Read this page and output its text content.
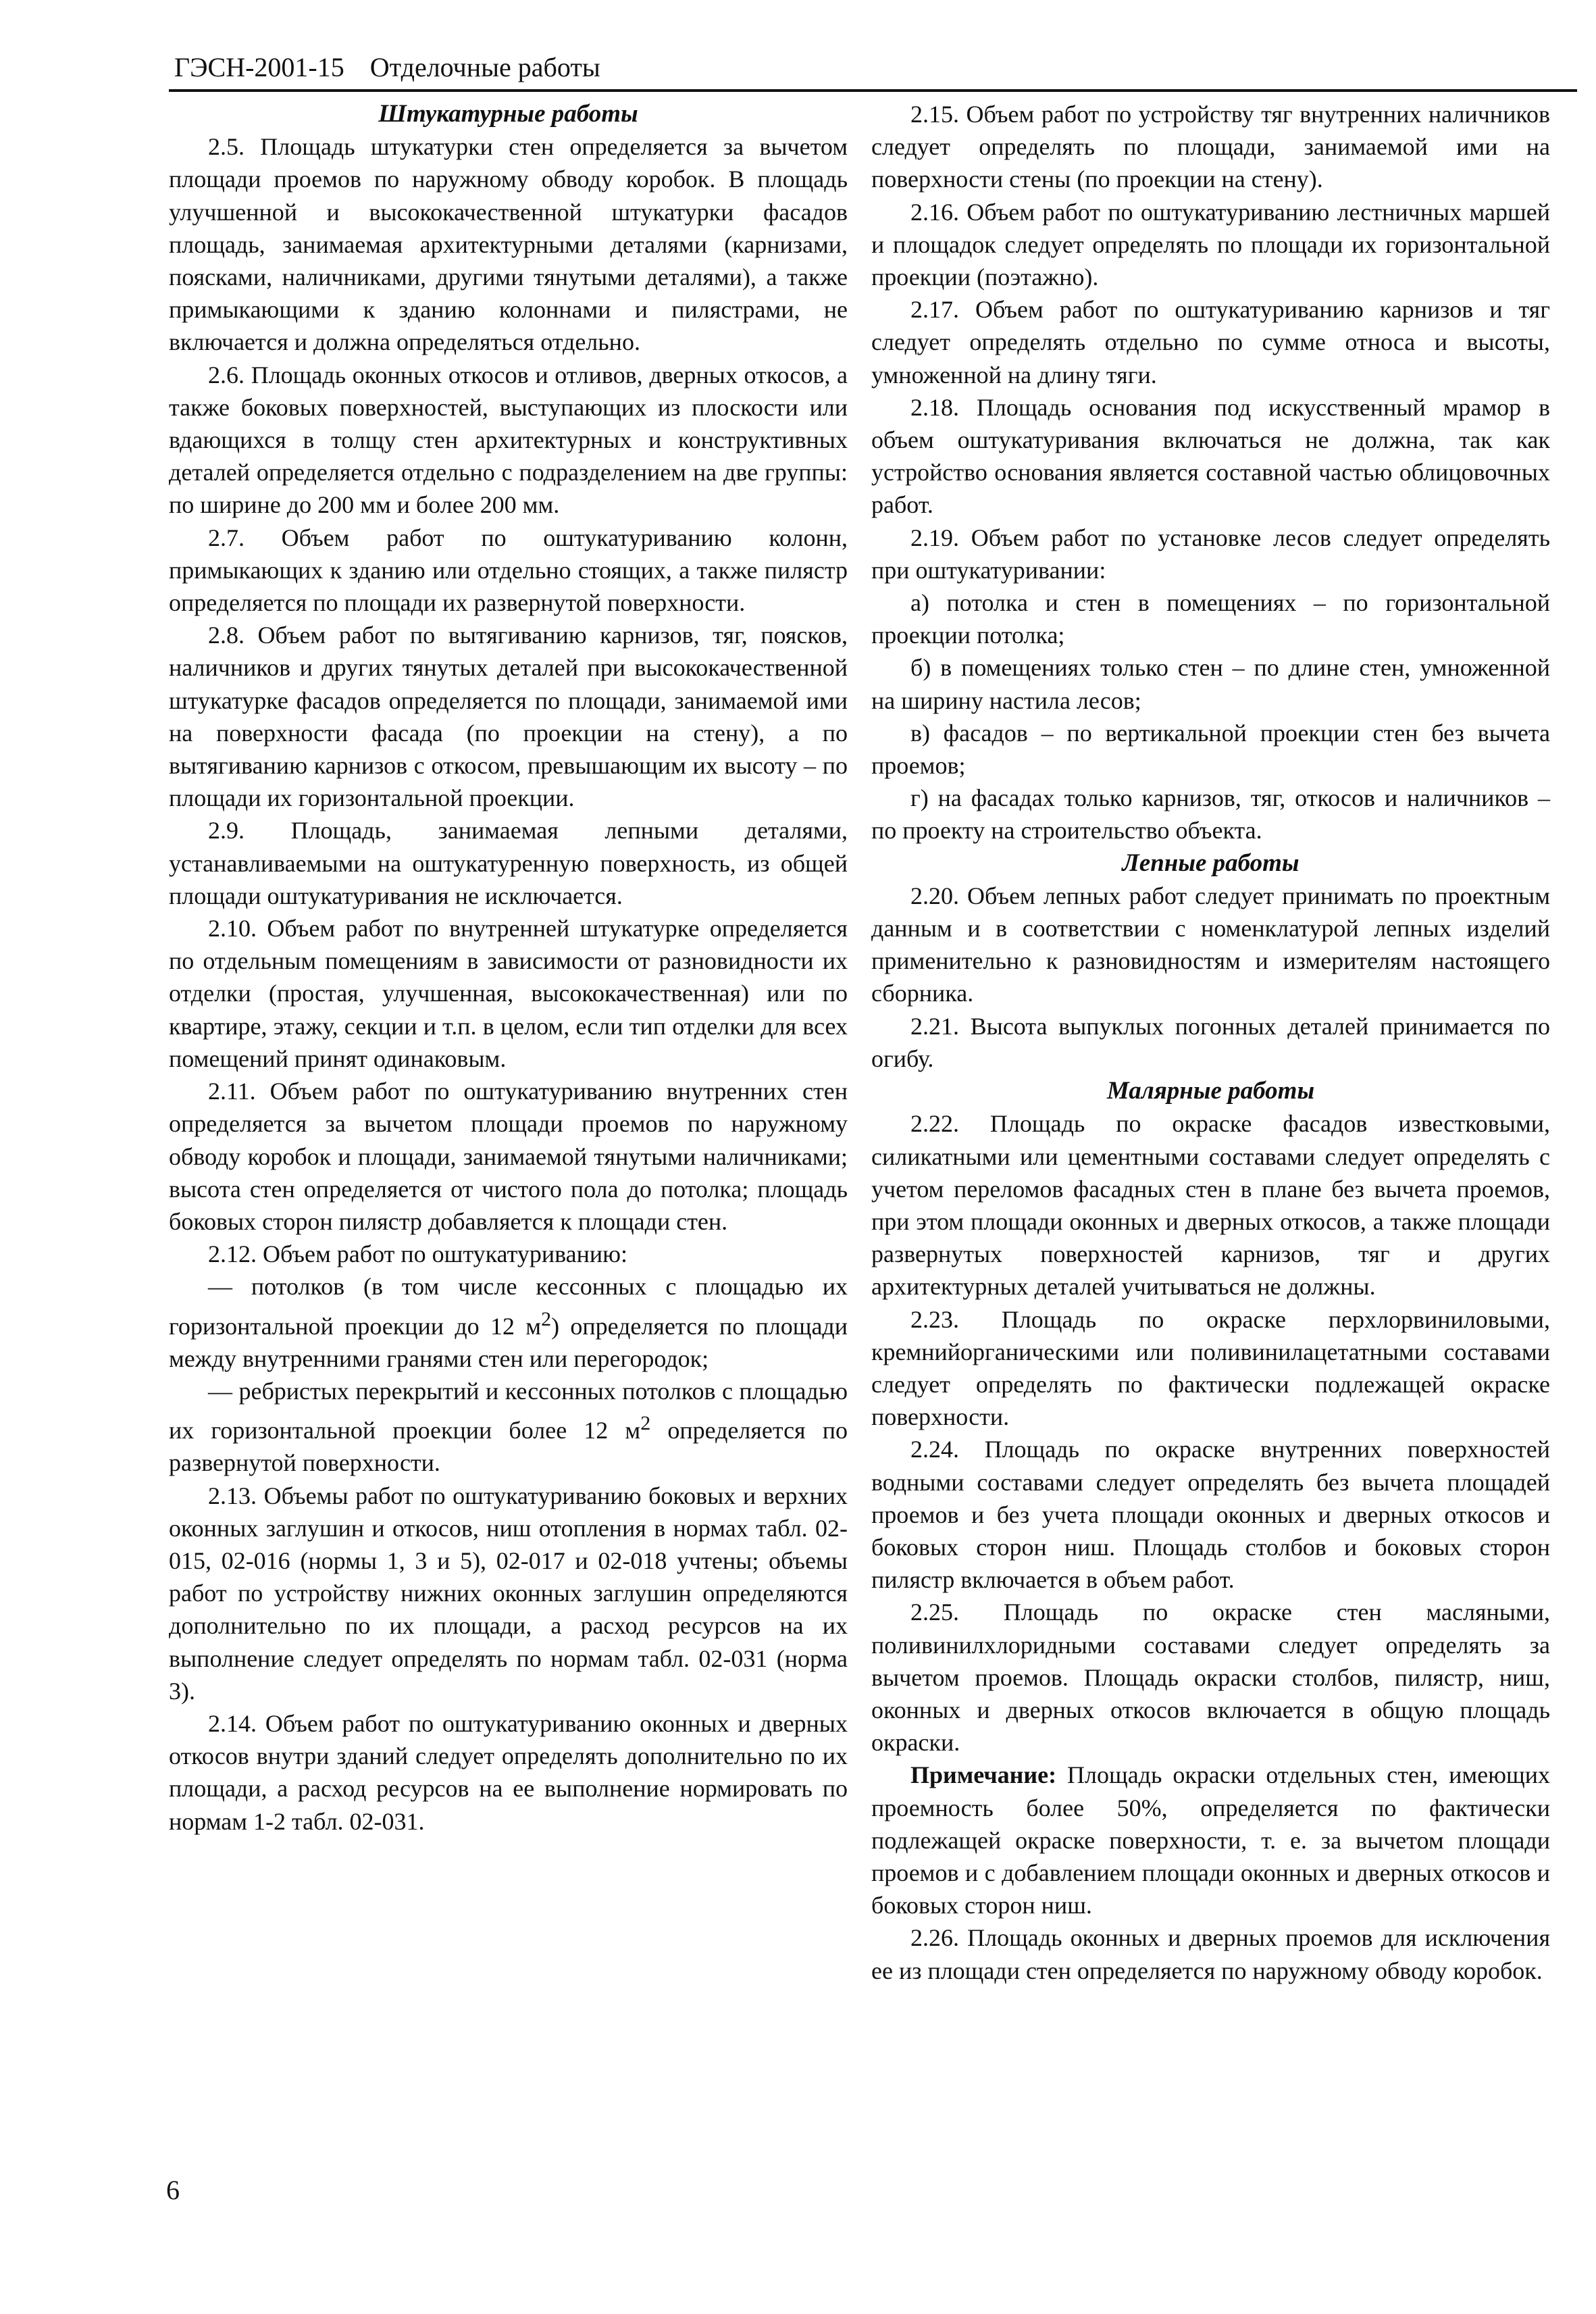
ГЭСН-2001-15 Отделочные работы
Штукатурные работы

2.5. Площадь штукатурки стен определяется за вычетом площади проемов по наружному обводу коробок. В площадь улучшенной и высококачественной штукатурки фасадов площадь, занимаемая архитектурными деталями (карнизами, поясками, наличниками, другими тянутыми деталями), а также примыкающими к зданию колоннами и пилястрами, не включается и должна определяться отдельно.

2.6. Площадь оконных откосов и отливов, дверных откосов, а также боковых поверхностей, выступающих из плоскости или вдающихся в толщу стен архитектурных и конструктивных деталей определяется отдельно с подразделением на две группы: по ширине до 200 мм и более 200 мм.

2.7. Объем работ по оштукатуриванию колонн, примыкающих к зданию или отдельно стоящих, а также пилястр определяется по площади их развернутой поверхности.

2.8. Объем работ по вытягиванию карнизов, тяг, поясков, наличников и других тянутых деталей при высококачественной штукатурке фасадов определяется по площади, занимаемой ими на поверхности фасада (по проекции на стену), а по вытягиванию карнизов с откосом, превышающим их высоту – по площади их горизонтальной проекции.

2.9. Площадь, занимаемая лепными деталями, устанавливаемыми на оштукатуренную поверхность, из общей площади оштукатуривания не исключается.

2.10. Объем работ по внутренней штукатурке определяется по отдельным помещениям в зависимости от разновидности их отделки (простая, улучшенная, высококачественная) или по квартире, этажу, секции и т.п. в целом, если тип отделки для всех помещений принят одинаковым.

2.11. Объем работ по оштукатуриванию внутренних стен определяется за вычетом площади проемов по наружному обводу коробок и площади, занимаемой тянутыми наличниками; высота стен определяется от чистого пола до потолка; площадь боковых сторон пилястр добавляется к площади стен.

2.12. Объем работ по оштукатуриванию:

— потолков (в том числе кессонных с площадью их горизонтальной проекции до 12 $м^2$) определяется по площади между внутренними гранями стен или перегородок;

— ребристых перекрытий и кессонных потолков с площадью их горизонтальной проекции более 12 $м^2$ определяется по развернутой поверхности.

2.13. Объемы работ по оштукатуриванию боковых и верхних оконных заглушин и откосов, ниш отопления в нормах табл. 02-015, 02-016 (нормы 1, 3 и 5), 02-017 и 02-018 учтены; объемы работ по устройству нижних оконных заглушин определяются дополнительно по их площади, а расход ресурсов на их выполнение следует определять по нормам табл. 02-031 (норма 3).

2.14. Объем работ по оштукатуриванию оконных и дверных откосов внутри зданий следует определять дополнительно по их площади, а расход ресурсов на ее выполнение нормировать по нормам 1-2 табл. 02-031.

2.15. Объем работ по устройству тяг внутренних наличников следует определять по площади, занимаемой ими на поверхности стены (по проекции на стену).

2.16. Объем работ по оштукатуриванию лестничных маршей и площадок следует определять по площади их горизонтальной проекции (поэтажно).

2.17. Объем работ по оштукатуриванию карнизов и тяг следует определять отдельно по сумме относа и высоты, умноженной на длину тяги.

2.18. Площадь основания под искусственный мрамор в объем оштукатуривания включаться не должна, так как устройство основания является составной частью облицовочных работ.

2.19. Объем работ по установке лесов следует определять при оштукатуривании:

а) потолка и стен в помещениях – по горизонтальной проекции потолка;

б) в помещениях только стен – по длине стен, умноженной на ширину настила лесов;

в) фасадов – по вертикальной проекции стен без вычета проемов;

г) на фасадах только карнизов, тяг, откосов и наличников – по проекту на строительство объекта.

Лепные работы

2.20. Объем лепных работ следует принимать по проектным данным и в соответствии с номенклатурой лепных изделий применительно к разновидностям и измерителям настоящего сборника.

2.21. Высота выпуклых погонных деталей принимается по огибу.

Малярные работы

2.22. Площадь по окраске фасадов известковыми, силикатными или цементными составами следует определять с учетом переломов фасадных стен в плане без вычета проемов, при этом площади оконных и дверных откосов, а также площади развернутых поверхностей карнизов, тяг и других архитектурных деталей учитываться не должны.

2.23. Площадь по окраске перхлорвиниловыми, кремнийорганическими или поливинилацетатными составами следует определять по фактически подлежащей окраске поверхности.

2.24. Площадь по окраске внутренних поверхностей водными составами следует определять без вычета площадей проемов и без учета площади оконных и дверных откосов и боковых сторон ниш. Площадь столбов и боковых сторон пилястр включается в объем работ.

2.25. Площадь по окраске стен масляными, поливинилхлоридными составами следует определять за вычетом проемов. Площадь окраски столбов, пилястр, ниш, оконных и дверных откосов включается в общую площадь окраски.

Примечание: Площадь окраски отдельных стен, имеющих проемность более 50%, определяется по фактически подлежащей окраске поверхности, т. е. за вычетом площади проемов и с добавлением площади оконных и дверных откосов и боковых сторон ниш.

2.26. Площадь оконных и дверных проемов для исключения ее из площади стен определяется по наружному обводу коробок.

6
